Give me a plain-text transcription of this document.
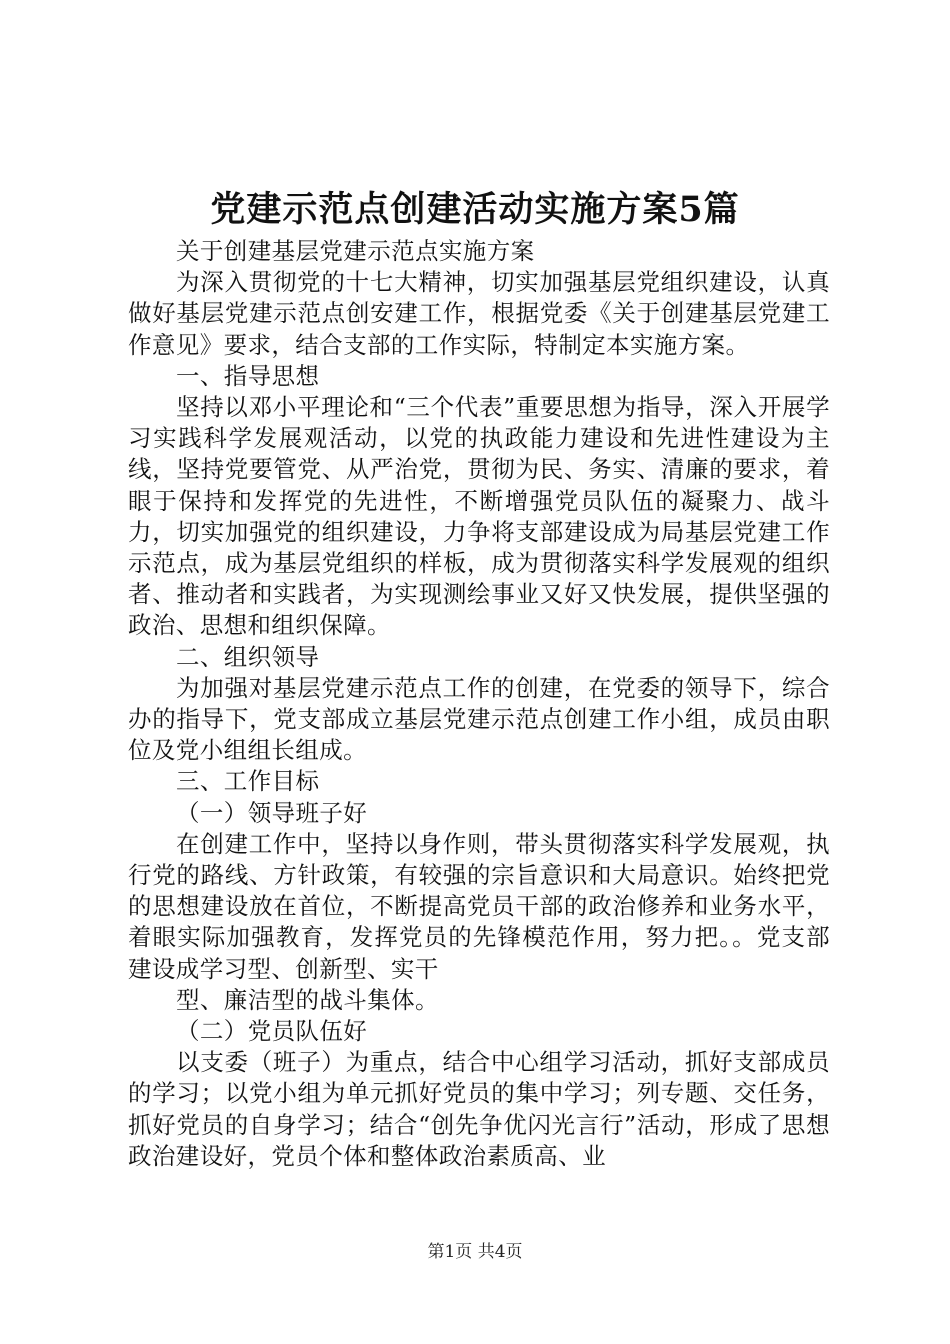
党建示范点创建活动实施方案5篇

关于创建基层党建示范点实施方案

为深入贯彻党的十七大精神，切实加强基层党组织建设，认真做好基层党建示范点创安建工作，根据党委《关于创建基层党建工作意见》要求，结合支部的工作实际，特制定本实施方案。

一、指导思想

坚持以邓小平理论和“三个代表”重要思想为指导，深入开展学习实践科学发展观活动，以党的执政能力建设和先进性建设为主线，坚持党要管党、从严治党，贯彻为民、务实、清廉的要求，着眼于保持和发挥党的先进性，不断增强党员队伍的凝聚力、战斗力，切实加强党的组织建设，力争将支部建设成为局基层党建工作示范点，成为基层党组织的样板，成为贯彻落实科学发展观的组织者、推动者和实践者，为实现测绘事业又好又快发展，提供坚强的政治、思想和组织保障。

二、组织领导

为加强对基层党建示范点工作的创建，在党委的领导下，综合办的指导下，党支部成立基层党建示范点创建工作小组，成员由职位及党小组组长组成。

三、工作目标

（一）领导班子好

在创建工作中，坚持以身作则，带头贯彻落实科学发展观，执行党的路线、方针政策，有较强的宗旨意识和大局意识。始终把党的思想建设放在首位，不断提高党员干部的政治修养和业务水平，着眼实际加强教育，发挥党员的先锋模范作用，努力把。。党支部建设成学习型、创新型、实干

型、廉洁型的战斗集体。

（二）党员队伍好

以支委（班子）为重点，结合中心组学习活动，抓好支部成员的学习；以党小组为单元抓好党员的集中学习；列专题、交任务，抓好党员的自身学习；结合“创先争优闪光言行”活动，形成了思想政治建设好，党员个体和整体政治素质高、业

第1页 共4页
